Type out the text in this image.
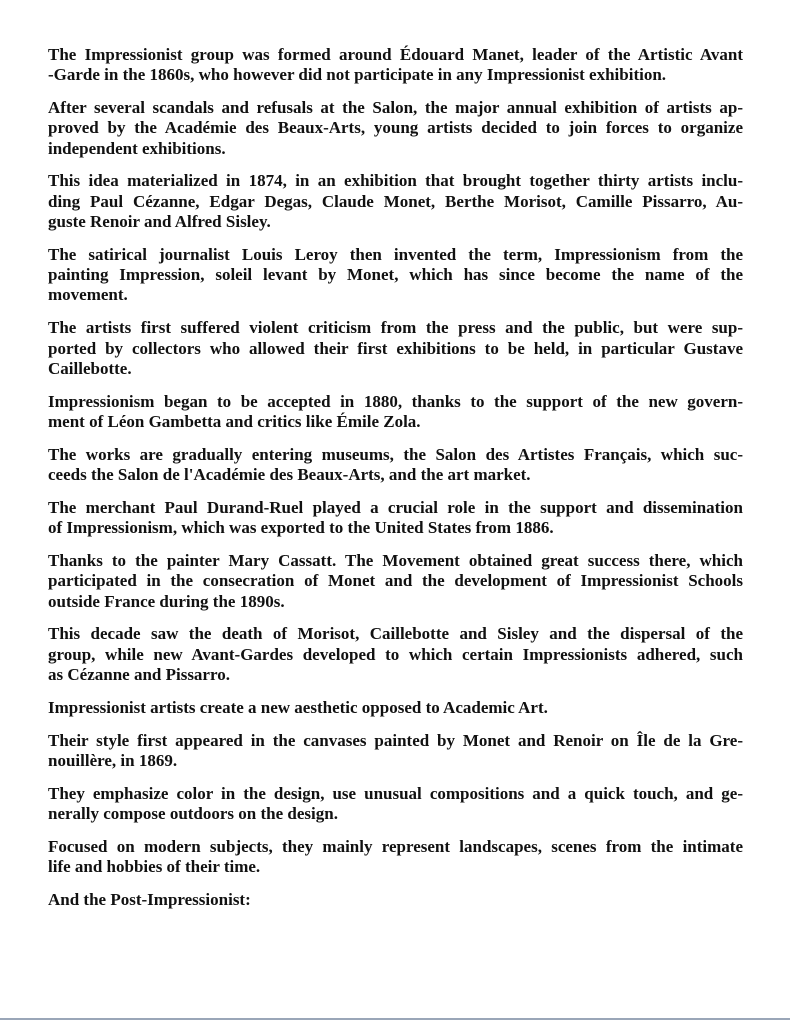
The Impressionist group was formed around Édouard Manet, leader of the Artistic Avant
-Garde in the 1860s, who however did not participate in any Impressionist exhibition.

After several scandals and refusals at the Salon, the major annual exhibition of artists ap-
proved by the Académie des Beaux-Arts, young artists decided to join forces to organize
independent exhibitions.

This idea materialized in 1874, in an exhibition that brought together thirty artists inclu-
ding Paul Cézanne, Edgar Degas, Claude Monet, Berthe Morisot, Camille Pissarro, Au-
guste Renoir and Alfred Sisley.

The satirical journalist Louis Leroy then invented the term, Impressionism from the
painting Impression, soleil levant by Monet, which has since become the name of the
movement.

The artists first suffered violent criticism from the press and the public, but were sup-
ported by collectors who allowed their first exhibitions to be held, in particular Gustave
Caillebotte.

Impressionism began to be accepted in 1880, thanks to the support of the new govern-
ment of Léon Gambetta and critics like Émile Zola.

The works are gradually entering museums, the Salon des Artistes Français, which suc-
ceeds the Salon de l'Académie des Beaux-Arts, and the art market.

The merchant Paul Durand-Ruel played a crucial role in the support and dissemination
of Impressionism, which was exported to the United States from 1886.

Thanks to the painter Mary Cassatt. The Movement obtained great success there, which
participated in the consecration of Monet and the development of Impressionist Schools
outside France during the 1890s.

This decade saw the death of Morisot, Caillebotte and Sisley and the dispersal of the
group, while new Avant-Gardes developed to which certain Impressionists adhered, such
as Cézanne and Pissarro.

Impressionist artists create a new aesthetic opposed to Academic Art.

Their style first appeared in the canvases painted by Monet and Renoir on Île de la Gre-
nouillère, in 1869.

They emphasize color in the design, use unusual compositions and a quick touch, and ge-
nerally compose outdoors on the design.

Focused on modern subjects, they mainly represent landscapes, scenes from the intimate
life and hobbies of their time.

And the Post-Impressionist:
